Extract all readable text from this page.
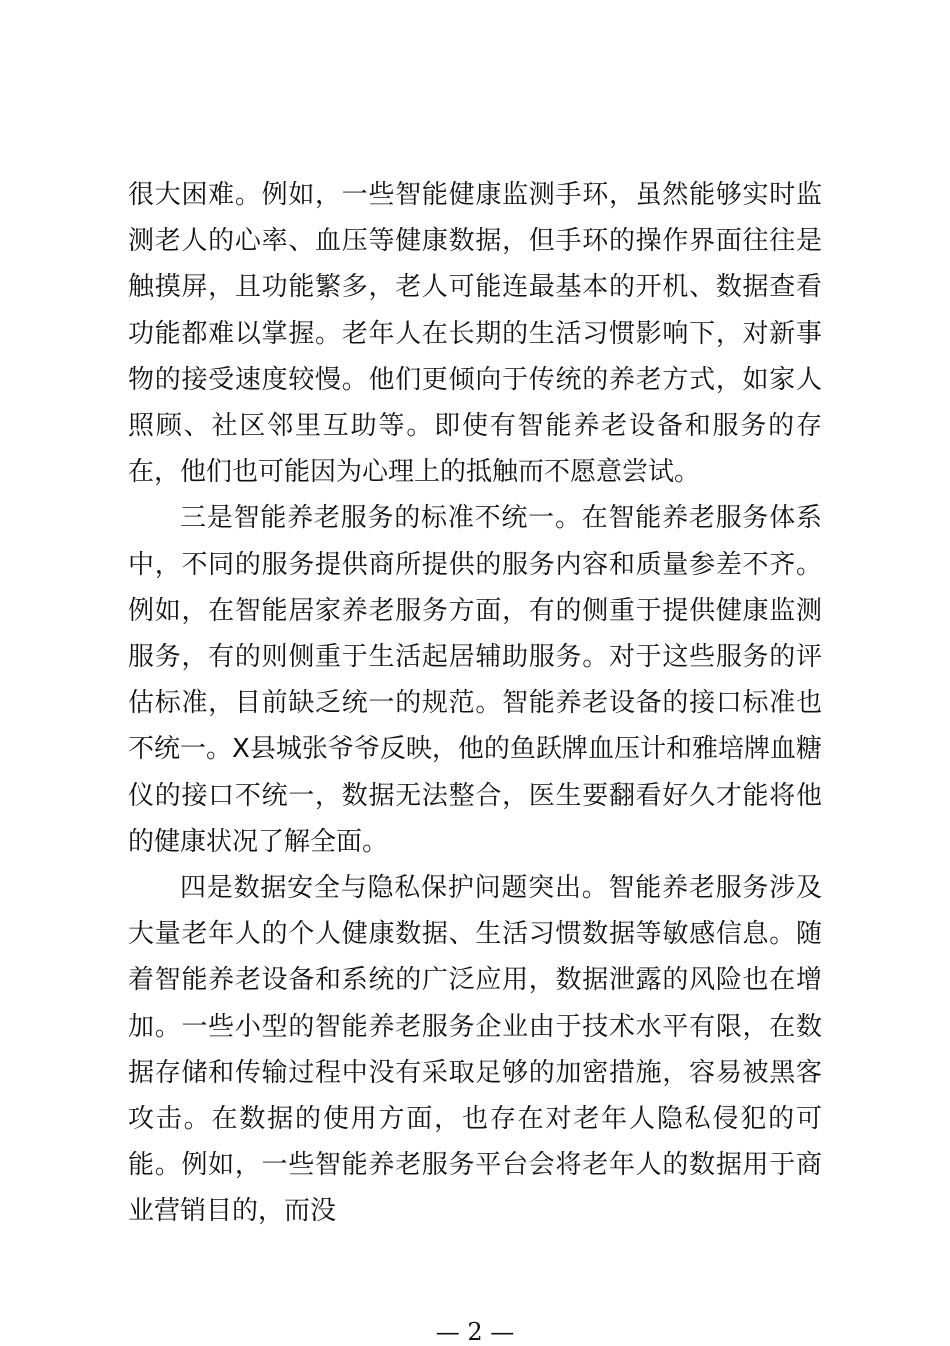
很大困难。例如，一些智能健康监测手环，虽然能够实时监测老人的心率、血压等健康数据，但手环的操作界面往往是触摸屏，且功能繁多，老人可能连最基本的开机、数据查看功能都难以掌握。老年人在长期的生活习惯影响下，对新事物的接受速度较慢。他们更倾向于传统的养老方式，如家人照顾、社区邻里互助等。即使有智能养老设备和服务的存在，他们也可能因为心理上的抵触而不愿意尝试。

三是智能养老服务的标准不统一。在智能养老服务体系中，不同的服务提供商所提供的服务内容和质量参差不齐。例如，在智能居家养老服务方面，有的侧重于提供健康监测服务，有的则侧重于生活起居辅助服务。对于这些服务的评估标准，目前缺乏统一的规范。智能养老设备的接口标准也不统一。X县城张爷爷反映，他的鱼跃牌血压计和雅培牌血糖仪的接口不统一，数据无法整合，医生要翻看好久才能将他的健康状况了解全面。

四是数据安全与隐私保护问题突出。智能养老服务涉及大量老年人的个人健康数据、生活习惯数据等敏感信息。随着智能养老设备和系统的广泛应用，数据泄露的风险也在增加。一些小型的智能养老服务企业由于技术水平有限，在数据存储和传输过程中没有采取足够的加密措施，容易被黑客攻击。在数据的使用方面，也存在对老年人隐私侵犯的可能。例如，一些智能养老服务平台会将老年人的数据用于商业营销目的，而没

— 2 —
